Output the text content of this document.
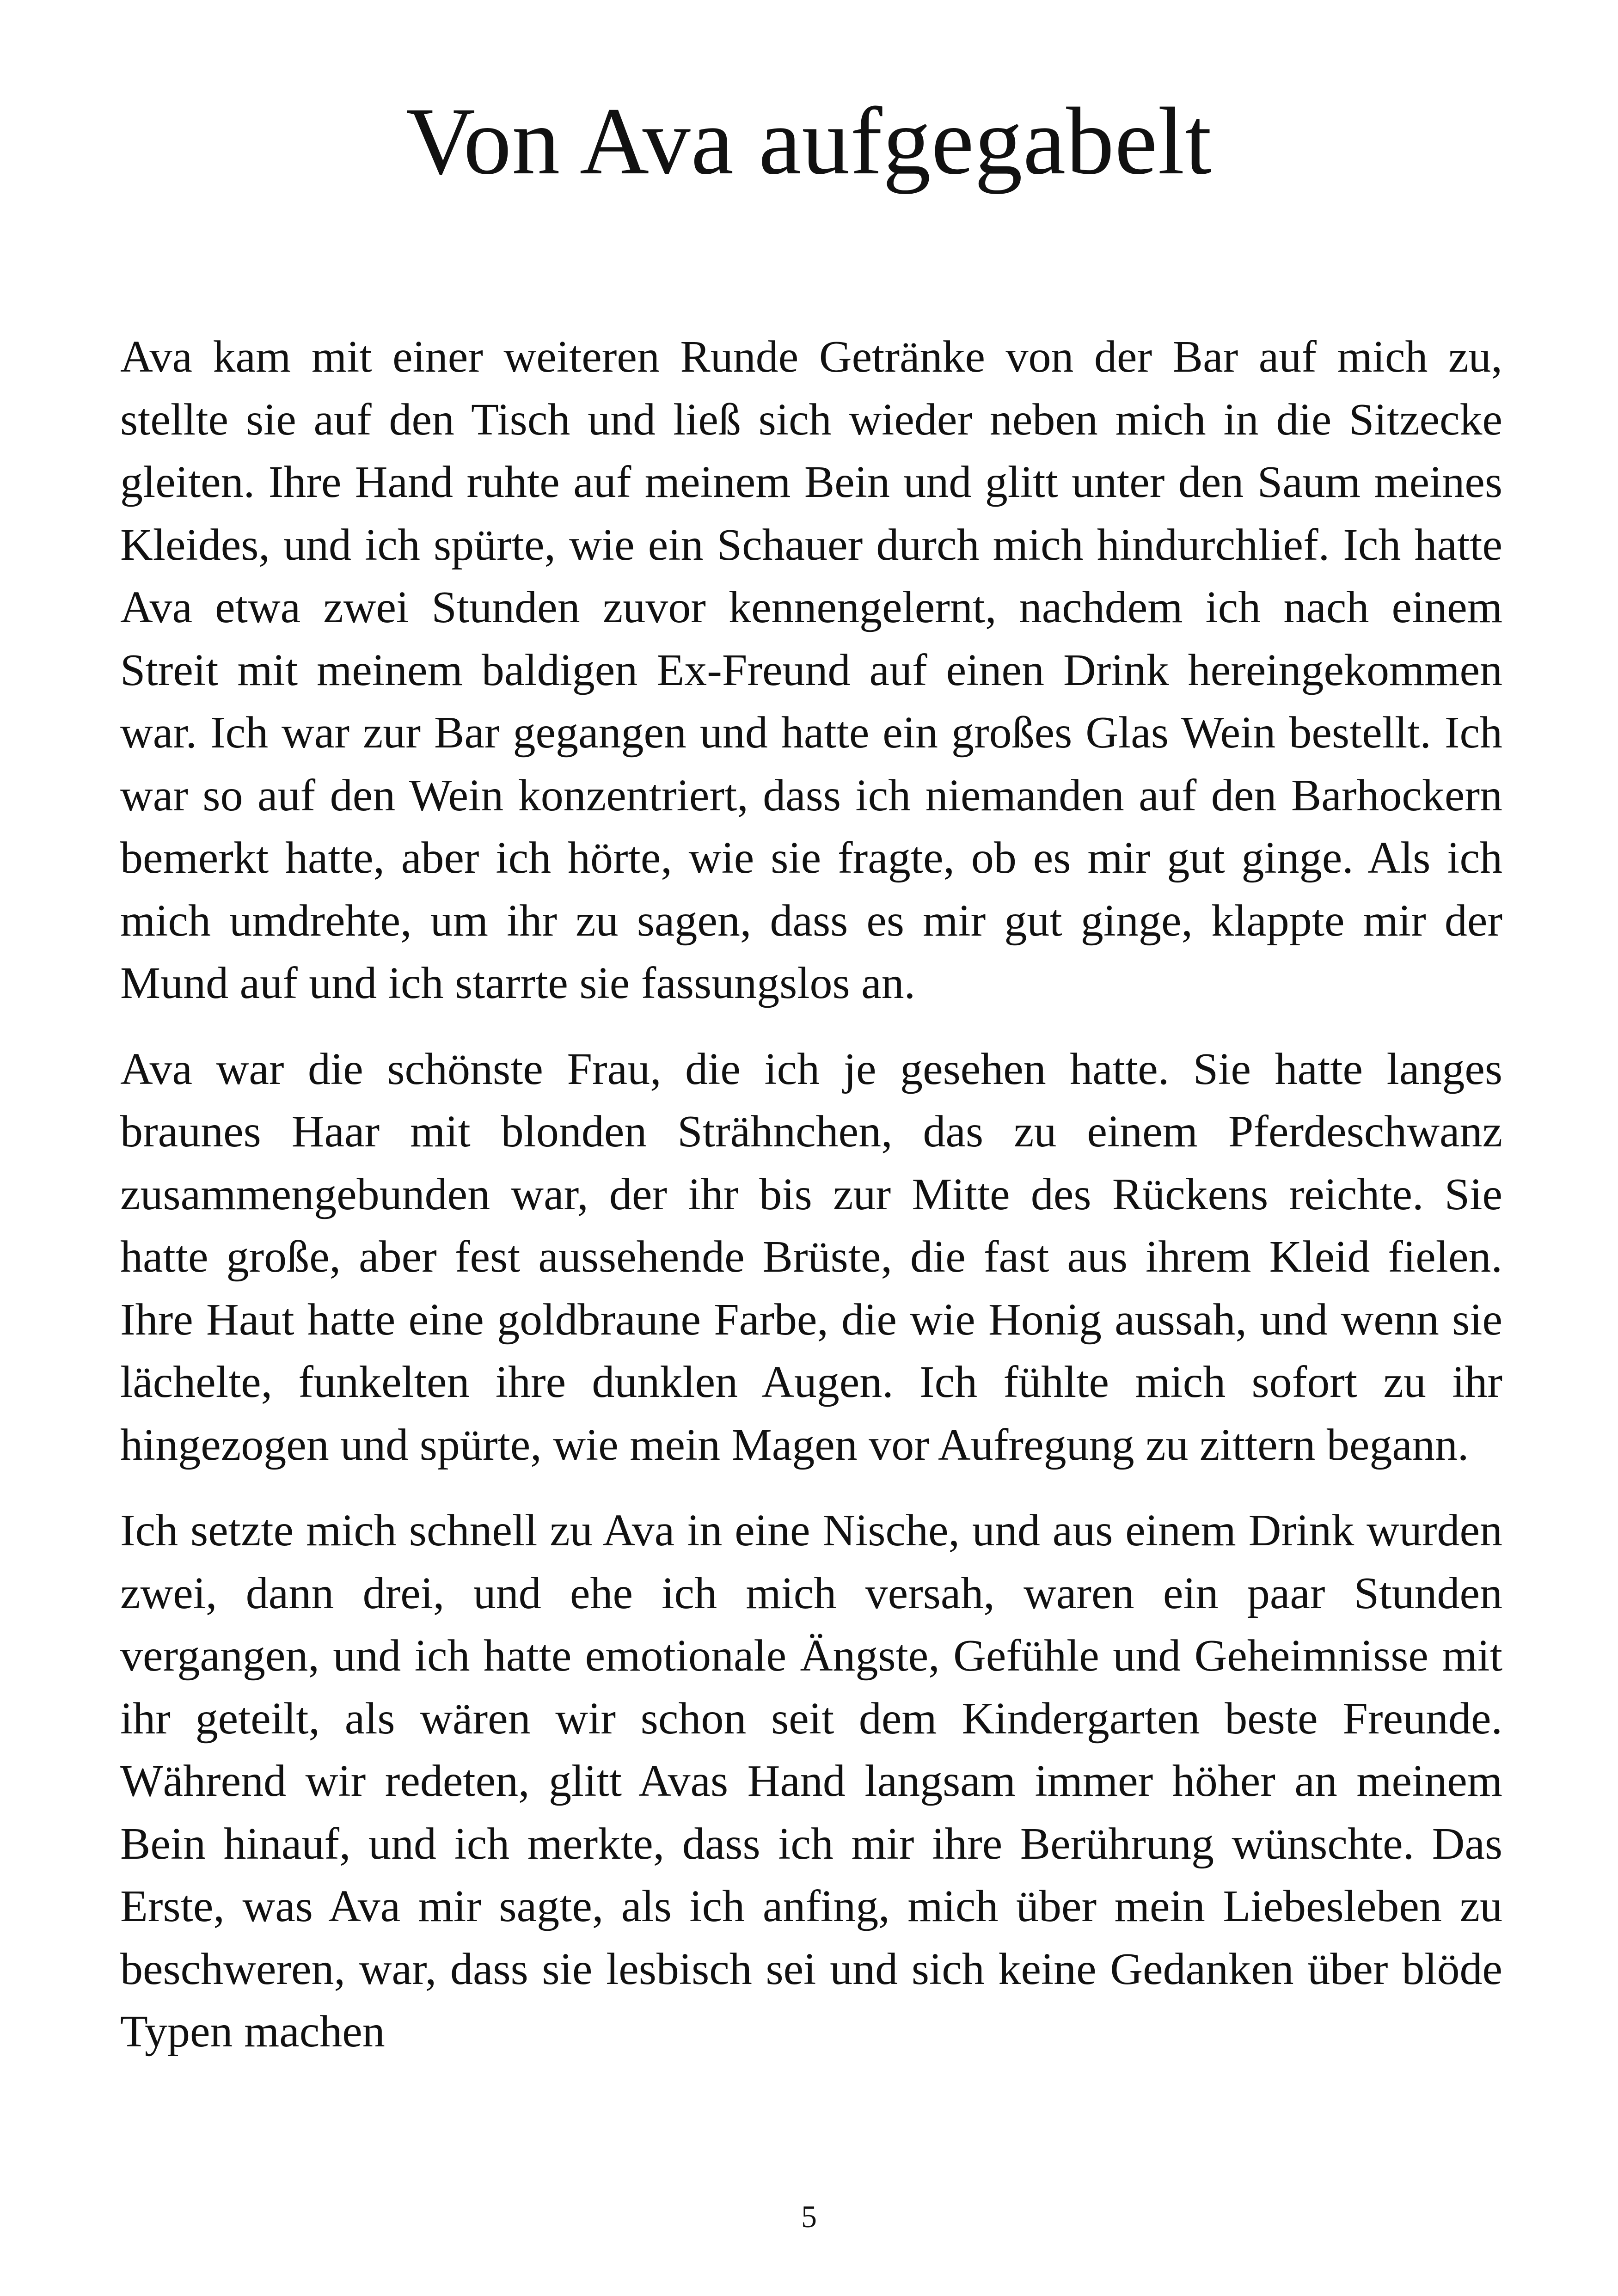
Von Ava aufgegabelt

Ava kam mit einer weiteren Runde Getränke von der Bar auf mich zu, stellte sie auf den Tisch und ließ sich wieder neben mich in die Sitzecke gleiten. Ihre Hand ruhte auf meinem Bein und glitt unter den Saum meines Kleides, und ich spürte, wie ein Schauer durch mich hindurchlief. Ich hatte Ava etwa zwei Stunden zuvor kennengelernt, nachdem ich nach einem Streit mit meinem baldigen Ex-Freund auf einen Drink hereingekommen war. Ich war zur Bar gegangen und hatte ein großes Glas Wein bestellt. Ich war so auf den Wein konzentriert, dass ich niemanden auf den Barhockern bemerkt hatte, aber ich hörte, wie sie fragte, ob es mir gut ginge. Als ich mich umdrehte, um ihr zu sagen, dass es mir gut ginge, klappte mir der Mund auf und ich starrte sie fassungslos an.

Ava war die schönste Frau, die ich je gesehen hatte. Sie hatte langes braunes Haar mit blonden Strähnchen, das zu einem Pferdeschwanz zusammengebunden war, der ihr bis zur Mitte des Rückens reichte. Sie hatte große, aber fest aussehende Brüste, die fast aus ihrem Kleid fielen. Ihre Haut hatte eine goldbraune Farbe, die wie Honig aussah, und wenn sie lächelte, funkelten ihre dunklen Augen. Ich fühlte mich sofort zu ihr hingezogen und spürte, wie mein Magen vor Aufregung zu zittern begann.

Ich setzte mich schnell zu Ava in eine Nische, und aus einem Drink wurden zwei, dann drei, und ehe ich mich versah, waren ein paar Stunden vergangen, und ich hatte emotionale Ängste, Gefühle und Geheimnisse mit ihr geteilt, als wären wir schon seit dem Kindergarten beste Freunde. Während wir redeten, glitt Avas Hand langsam immer höher an meinem Bein hinauf, und ich merkte, dass ich mir ihre Berührung wünschte. Das Erste, was Ava mir sagte, als ich anfing, mich über mein Liebesleben zu beschweren, war, dass sie lesbisch sei und sich keine Gedanken über blöde Typen machen

5
